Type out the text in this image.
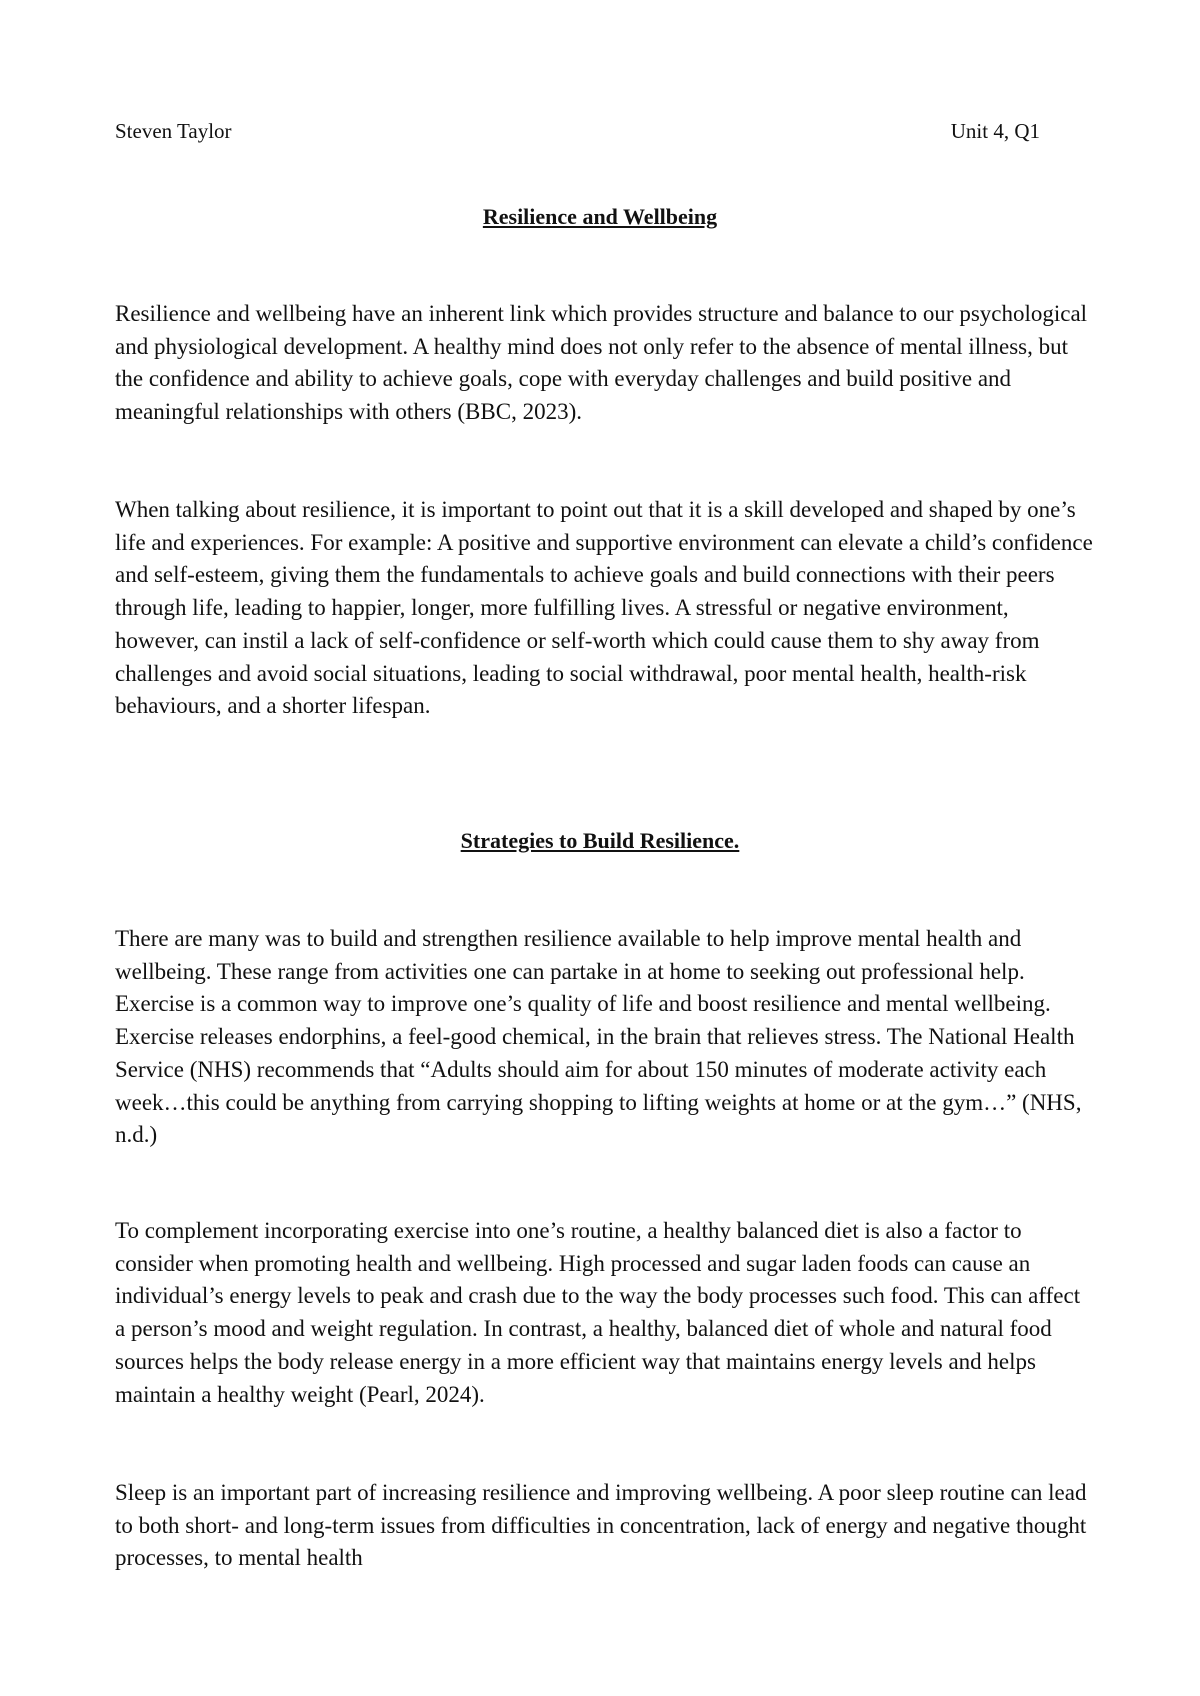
Steven Taylor	Unit 4, Q1
Resilience and Wellbeing

Resilience and wellbeing have an inherent link which provides structure and balance to our psychological and physiological development. A healthy mind does not only refer to the absence of mental illness, but the confidence and ability to achieve goals, cope with everyday challenges and build positive and meaningful relationships with others (BBC, 2023).

When talking about resilience, it is important to point out that it is a skill developed and shaped by one’s life and experiences. For example: A positive and supportive environment can elevate a child’s confidence and self-esteem, giving them the fundamentals to achieve goals and build connections with their peers through life, leading to happier, longer, more fulfilling lives. A stressful or negative environment, however, can instil a lack of self-confidence or self-worth which could cause them to shy away from challenges and avoid social situations, leading to social withdrawal, poor mental health, health-risk behaviours, and a shorter lifespan.

Strategies to Build Resilience.

There are many was to build and strengthen resilience available to help improve mental health and wellbeing. These range from activities one can partake in at home to seeking out professional help. Exercise is a common way to improve one’s quality of life and boost resilience and mental wellbeing. Exercise releases endorphins, a feel-good chemical, in the brain that relieves stress. The National Health Service (NHS) recommends that “Adults should aim for about 150 minutes of moderate activity each week…this could be anything from carrying shopping to lifting weights at home or at the gym…” (NHS, n.d.)

To complement incorporating exercise into one’s routine, a healthy balanced diet is also a factor to consider when promoting health and wellbeing. High processed and sugar laden foods can cause an individual’s energy levels to peak and crash due to the way the body processes such food. This can affect a person’s mood and weight regulation. In contrast, a healthy, balanced diet of whole and natural food sources helps the body release energy in a more efficient way that maintains energy levels and helps maintain a healthy weight (Pearl, 2024).

Sleep is an important part of increasing resilience and improving wellbeing. A poor sleep routine can lead to both short- and long-term issues from difficulties in concentration, lack of energy and negative thought processes, to mental health
